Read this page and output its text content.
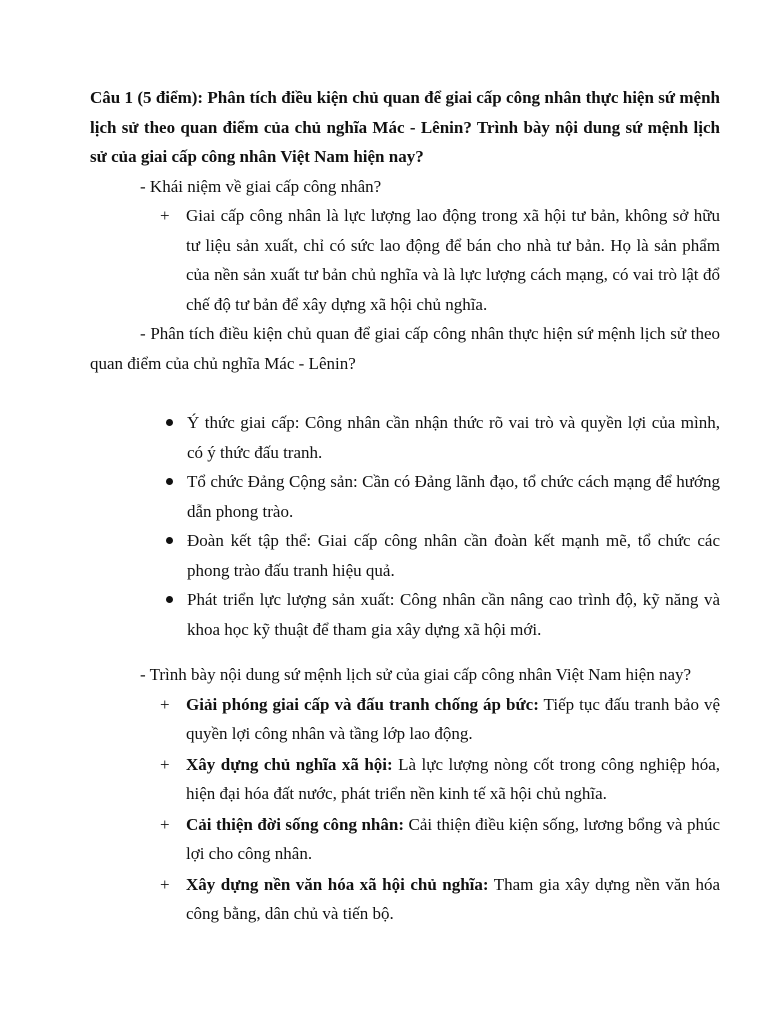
Câu 1 (5 điểm): Phân tích điều kiện chủ quan để giai cấp công nhân thực hiện sứ mệnh lịch sử theo quan điểm của chủ nghĩa Mác - Lênin? Trình bày nội dung sứ mệnh lịch sử của giai cấp công nhân Việt Nam hiện nay?

- Khái niệm về giai cấp công nhân?

+ Giai cấp công nhân là lực lượng lao động trong xã hội tư bản, không sở hữu tư liệu sản xuất, chỉ có sức lao động để bán cho nhà tư bản. Họ là sản phẩm của nền sản xuất tư bản chủ nghĩa và là lực lượng cách mạng, có vai trò lật đổ chế độ tư bản để xây dựng xã hội chủ nghĩa.

- Phân tích điều kiện chủ quan để giai cấp công nhân thực hiện sứ mệnh lịch sử theo quan điểm của chủ nghĩa Mác - Lênin?

Ý thức giai cấp: Công nhân cần nhận thức rõ vai trò và quyền lợi của mình, có ý thức đấu tranh.
Tổ chức Đảng Cộng sản: Cần có Đảng lãnh đạo, tổ chức cách mạng để hướng dẫn phong trào.
Đoàn kết tập thể: Giai cấp công nhân cần đoàn kết mạnh mẽ, tổ chức các phong trào đấu tranh hiệu quả.
Phát triển lực lượng sản xuất: Công nhân cần nâng cao trình độ, kỹ năng và khoa học kỹ thuật để tham gia xây dựng xã hội mới.

- Trình bày nội dung sứ mệnh lịch sử của giai cấp công nhân Việt Nam hiện nay?

+ Giải phóng giai cấp và đấu tranh chống áp bức: Tiếp tục đấu tranh bảo vệ quyền lợi công nhân và tầng lớp lao động.
+ Xây dựng chủ nghĩa xã hội: Là lực lượng nòng cốt trong công nghiệp hóa, hiện đại hóa đất nước, phát triển nền kinh tế xã hội chủ nghĩa.
+ Cải thiện đời sống công nhân: Cải thiện điều kiện sống, lương bổng và phúc lợi cho công nhân.
+ Xây dựng nền văn hóa xã hội chủ nghĩa: Tham gia xây dựng nền văn hóa công bằng, dân chủ và tiến bộ.
